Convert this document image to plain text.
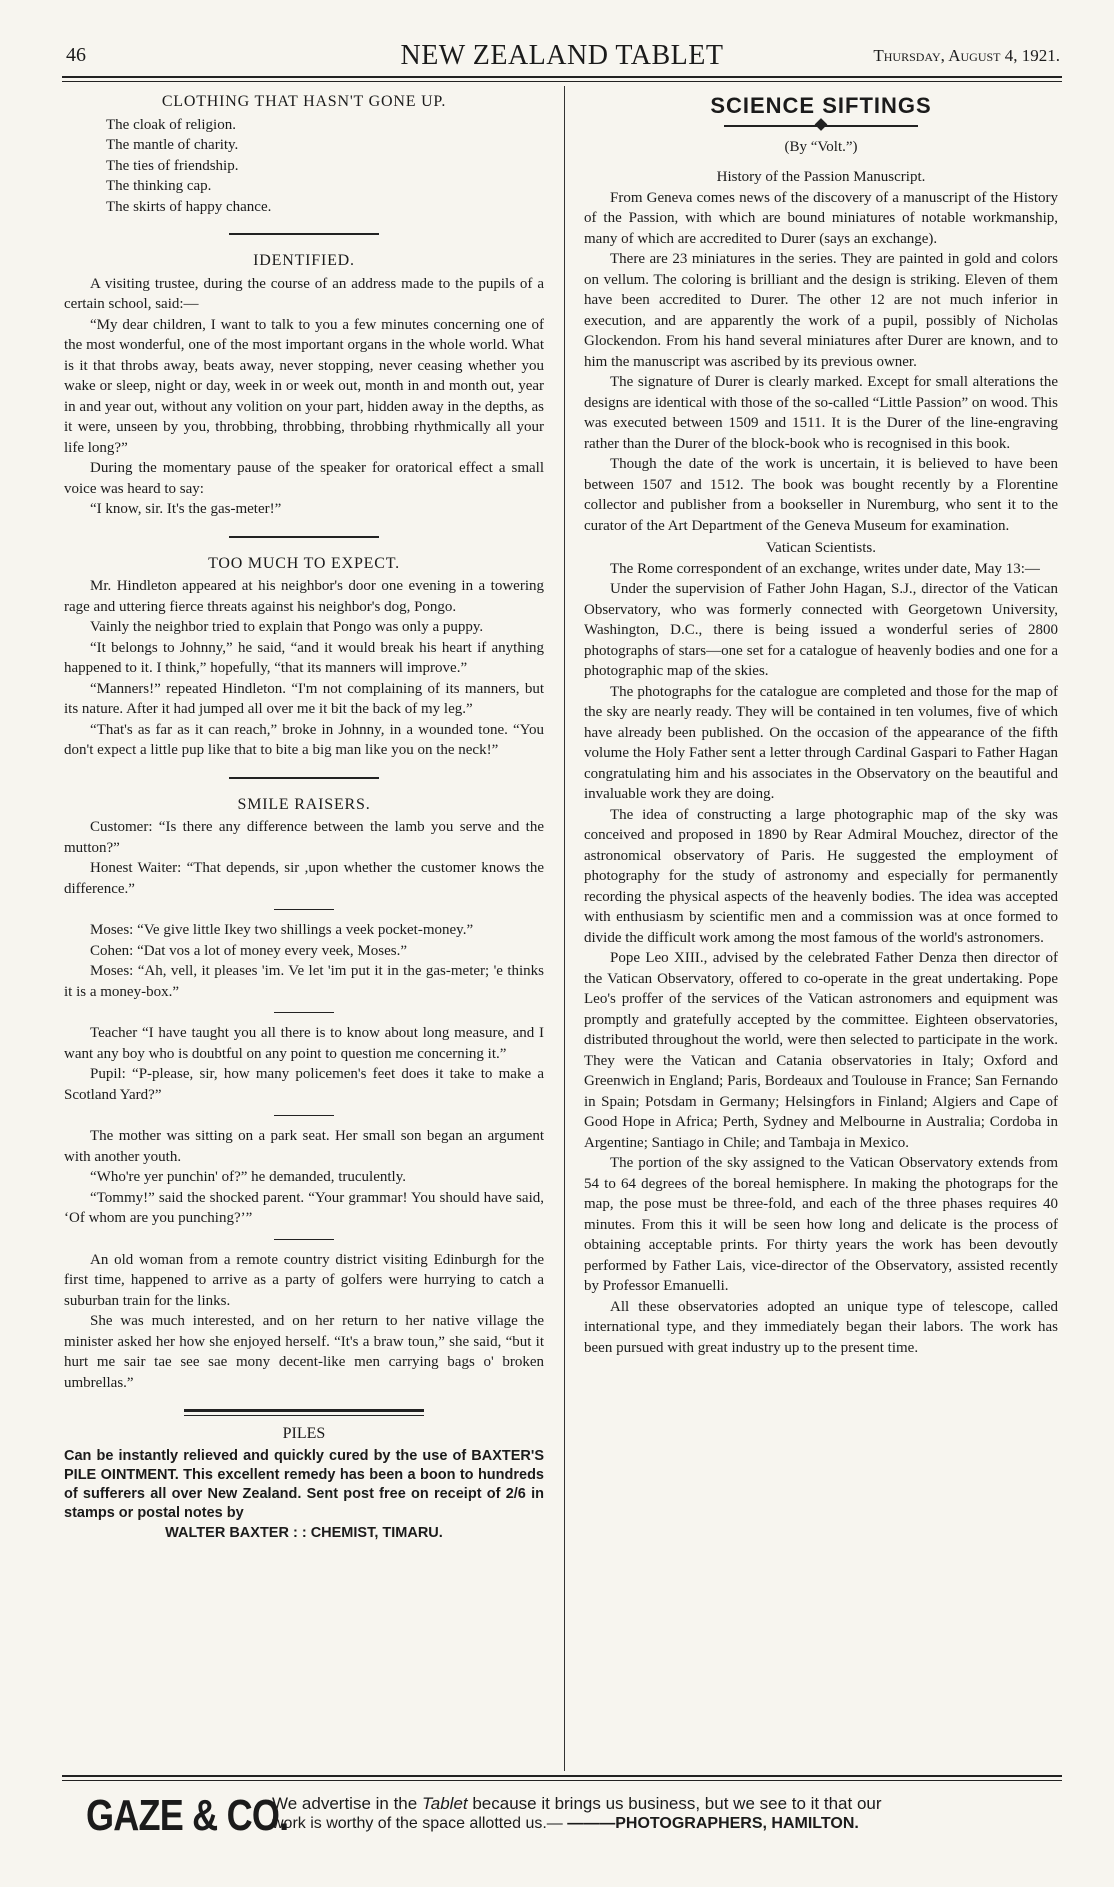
46	NEW ZEALAND TABLET	Thursday, August 4, 1921.
CLOTHING THAT HASN'T GONE UP.
The cloak of religion.
The mantle of charity.
The ties of friendship.
The thinking cap.
The skirts of happy chance.
IDENTIFIED.

A visiting trustee, during the course of an address made to the pupils of a certain school, said:—

“My dear children, I want to talk to you a few minutes concerning one of the most wonderful, one of the most important organs in the whole world. What is it that throbs away, beats away, never stopping, never ceasing whether you wake or sleep, night or day, week in or week out, month in and month out, year in and year out, without any volition on your part, hidden away in the depths, as it were, unseen by you, throbbing, throbbing, throbbing rhythmically all your life long?”

During the momentary pause of the speaker for oratorical effect a small voice was heard to say:

“I know, sir. It's the gas-meter!”

TOO MUCH TO EXPECT.

Mr. Hindleton appeared at his neighbor's door one evening in a towering rage and uttering fierce threats against his neighbor's dog, Pongo.

Vainly the neighbor tried to explain that Pongo was only a puppy.

“It belongs to Johnny,” he said, “and it would break his heart if anything happened to it. I think,” hopefully, “that its manners will improve.”

“Manners!” repeated Hindleton. “I'm not complaining of its manners, but its nature. After it had jumped all over me it bit the back of my leg.”

“That's as far as it can reach,” broke in Johnny, in a wounded tone. “You don't expect a little pup like that to bite a big man like you on the neck!”

SMILE RAISERS.

Customer: “Is there any difference between the lamb you serve and the mutton?”

Honest Waiter: “That depends, sir ,upon whether the customer knows the difference.”

Moses: “Ve give little Ikey two shillings a veek pocket-money.”

Cohen: “Dat vos a lot of money every veek, Moses.”

Moses: “Ah, vell, it pleases 'im. Ve let 'im put it in the gas-meter; 'e thinks it is a money-box.”

Teacher “I have taught you all there is to know about long measure, and I want any boy who is doubtful on any point to question me concerning it.”

Pupil: “P-please, sir, how many policemen's feet does it take to make a Scotland Yard?”

The mother was sitting on a park seat. Her small son began an argument with another youth.

“Who're yer punchin' of?” he demanded, truculently.

“Tommy!” said the shocked parent. “Your grammar! You should have said, ‘Of whom are you punching?’”

An old woman from a remote country district visiting Edinburgh for the first time, happened to arrive as a party of golfers were hurrying to catch a suburban train for the links.

She was much interested, and on her return to her native village the minister asked her how she enjoyed herself. “It's a braw toun,” she said, “but it hurt me sair tae see sae mony decent-like men carrying bags o' broken umbrellas.”

PILES
Can be instantly relieved and quickly cured by the use of BAXTER'S PILE OINTMENT. This excellent remedy has been a boon to hundreds of sufferers all over New Zealand. Sent post free on receipt of 2/6 in stamps or postal notes by
WALTER BAXTER : : CHEMIST, TIMARU.
SCIENCE SIFTINGS
(By “Volt.”)
History of the Passion Manuscript.

From Geneva comes news of the discovery of a manuscript of the History of the Passion, with which are bound miniatures of notable workmanship, many of which are accredited to Durer (says an exchange).

There are 23 miniatures in the series. They are painted in gold and colors on vellum. The coloring is brilliant and the design is striking. Eleven of them have been accredited to Durer. The other 12 are not much inferior in execution, and are apparently the work of a pupil, possibly of Nicholas Glockendon. From his hand several miniatures after Durer are known, and to him the manuscript was ascribed by its previous owner.

The signature of Durer is clearly marked. Except for small alterations the designs are identical with those of the so-called “Little Passion” on wood. This was executed between 1509 and 1511. It is the Durer of the line-engraving rather than the Durer of the block-book who is recognised in this book.

Though the date of the work is uncertain, it is believed to have been between 1507 and 1512. The book was bought recently by a Florentine collector and publisher from a bookseller in Nuremburg, who sent it to the curator of the Art Department of the Geneva Museum for examination.

Vatican Scientists.

The Rome correspondent of an exchange, writes under date, May 13:—

Under the supervision of Father John Hagan, S.J., director of the Vatican Observatory, who was formerly connected with Georgetown University, Washington, D.C., there is being issued a wonderful series of 2800 photographs of stars—one set for a catalogue of heavenly bodies and one for a photographic map of the skies.

The photographs for the catalogue are completed and those for the map of the sky are nearly ready. They will be contained in ten volumes, five of which have already been published. On the occasion of the appearance of the fifth volume the Holy Father sent a letter through Cardinal Gaspari to Father Hagan congratulating him and his associates in the Observatory on the beautiful and invaluable work they are doing.

The idea of constructing a large photographic map of the sky was conceived and proposed in 1890 by Rear Admiral Mouchez, director of the astronomical observatory of Paris. He suggested the employment of photography for the study of astronomy and especially for permanently recording the physical aspects of the heavenly bodies. The idea was accepted with enthusiasm by scientific men and a commission was at once formed to divide the difficult work among the most famous of the world's astronomers.

Pope Leo XIII., advised by the celebrated Father Denza then director of the Vatican Observatory, offered to co-operate in the great undertaking. Pope Leo's proffer of the services of the Vatican astronomers and equipment was promptly and gratefully accepted by the committee. Eighteen observatories, distributed throughout the world, were then selected to participate in the work. They were the Vatican and Catania observatories in Italy; Oxford and Greenwich in England; Paris, Bordeaux and Toulouse in France; San Fernando in Spain; Potsdam in Germany; Helsingfors in Finland; Algiers and Cape of Good Hope in Africa; Perth, Sydney and Melbourne in Australia; Cordoba in Argentine; Santiago in Chile; and Tambaja in Mexico.

The portion of the sky assigned to the Vatican Observatory extends from 54 to 64 degrees of the boreal hemisphere. In making the photograps for the map, the pose must be three-fold, and each of the three phases requires 40 minutes. From this it will be seen how long and delicate is the process of obtaining acceptable prints. For thirty years the work has been devoutly performed by Father Lais, vice-director of the Observatory, assisted recently by Professor Emanuelli.

All these observatories adopted an unique type of telescope, called international type, and they immediately began their labors. The work has been pursued with great industry up to the present time.

GAZE & CO.
We advertise in the Tablet because it brings us business, but we see to it that our
work is worthy of the space allotted us.— ———PHOTOGRAPHERS, HAMILTON.
